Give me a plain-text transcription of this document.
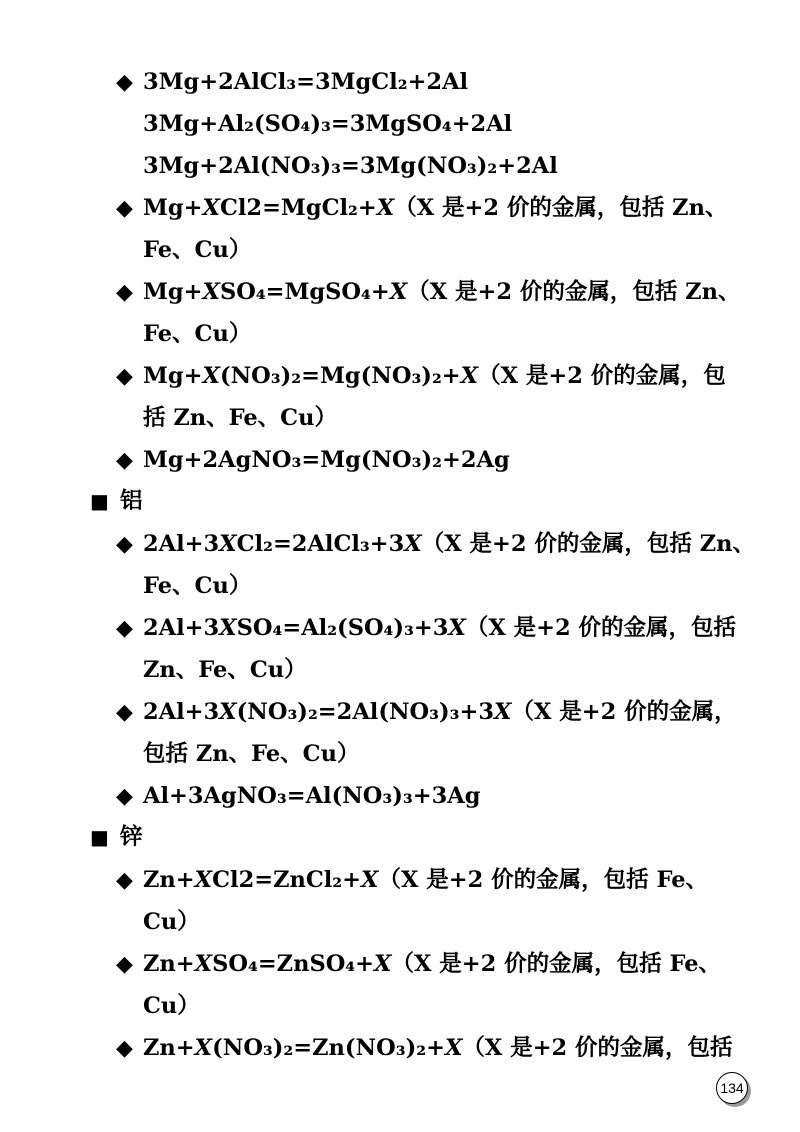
◆ 3Mg+2AlCl₃=3MgCl₂+2Al
3Mg+Al₂(SO₄)₃=3MgSO₄+2Al
3Mg+2Al(NO₃)₃=3Mg(NO₃)₂+2Al
◆ Mg+XCl2=MgCl₂+X（X 是+2 价的金属，包括 Zn、
Fe、Cu）
◆ Mg+XSO₄=MgSO₄+X（X 是+2 价的金属，包括 Zn、
Fe、Cu）
◆ Mg+X(NO₃)₂=Mg(NO₃)₂+X（X 是+2 价的金属，包
括 Zn、Fe、Cu）
◆ Mg+2AgNO₃=Mg(NO₃)₂+2Ag
■ 铝
◆ 2Al+3XCl₂=2AlCl₃+3X（X 是+2 价的金属，包括 Zn、
Fe、Cu）
◆ 2Al+3XSO₄=Al₂(SO₄)₃+3X（X 是+2 价的金属，包括
Zn、Fe、Cu）
◆ 2Al+3X(NO₃)₂=2Al(NO₃)₃+3X（X 是+2 价的金属，
包括 Zn、Fe、Cu）
◆ Al+3AgNO₃=Al(NO₃)₃+3Ag
■ 锌
◆ Zn+XCl2=ZnCl₂+X（X 是+2 价的金属，包括 Fe、
Cu）
◆ Zn+XSO₄=ZnSO₄+X（X 是+2 价的金属，包括 Fe、
Cu）
◆ Zn+X(NO₃)₂=Zn(NO₃)₂+X（X 是+2 价的金属，包括
134
